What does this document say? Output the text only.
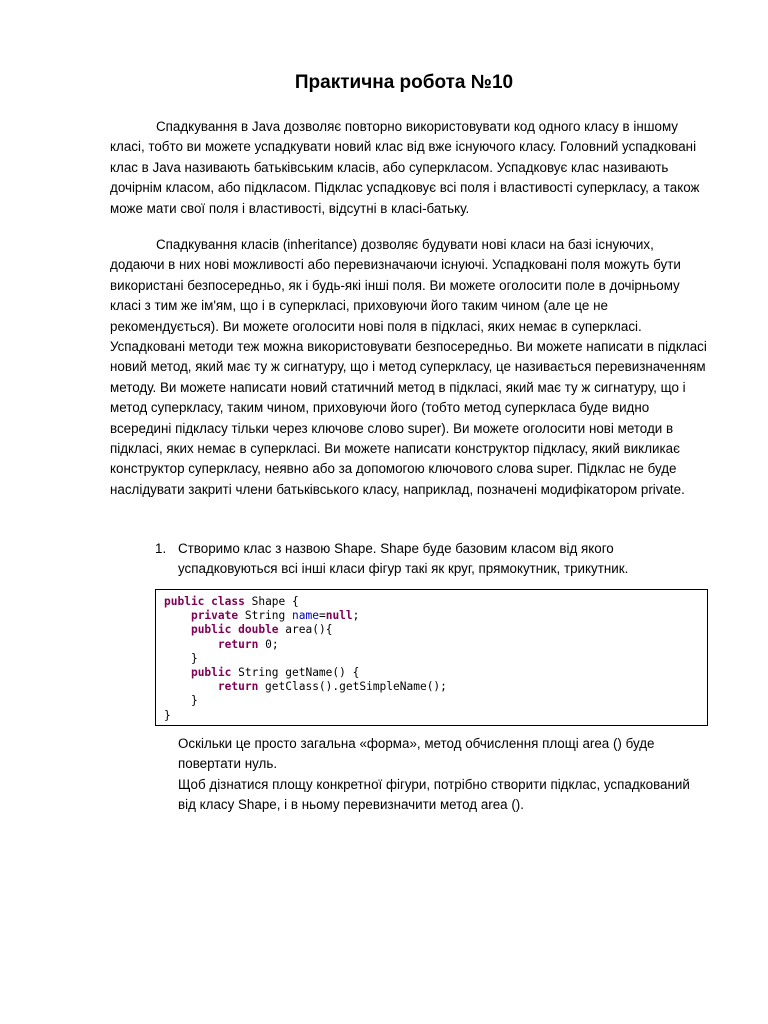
Практична робота №10

Спадкування в Java дозволяє повторно використовувати код одного класу в іншому класі, тобто ви можете успадкувати новий клас від вже існуючого класу. Головний успадковані клас в Java називають батьківським класів, або суперкласом. Успадковує клас називають дочірнім класом, або підкласом. Підклас успадковує всі поля і властивості суперкласу, а також може мати свої поля і властивості, відсутні в класі-батьку.

Спадкування класів (inheritance) дозволяє будувати нові класи на базі існуючих, додаючи в них нові можливості або перевизначаючи існуючі. Успадковані поля можуть бути використані безпосередньо, як і будь-які інші поля. Ви можете оголосити поле в дочірньому класі з тим же ім'ям, що і в суперкласі, приховуючи його таким чином (але це не рекомендується). Ви можете оголосити нові поля в підкласі, яких немає в суперкласі. Успадковані методи теж можна використовувати безпосередньо. Ви можете написати в підкласі новий метод, який має ту ж сигнатуру, що і метод суперкласу, це називається перевизначенням методу. Ви можете написати новий статичний метод в підкласі, який має ту ж сигнатуру, що і метод суперкласу, таким чином, приховуючи його (тобто метод суперкласа буде видно всередині підкласу тільки через ключове слово super). Ви можете оголосити нові методи в підкласі, яких немає в суперкласі. Ви можете написати конструктор підкласу, який викликає конструктор суперкласу, неявно або за допомогою ключового слова super. Підклас не буде наслідувати закриті члени батьківського класу, наприклад, позначені модифікатором private.

1. Створимо клас з назвою Shape. Shape буде базовим класом від якого успадковуються всі інші класи фігур такі як круг, прямокутник, трикутник.
public class Shape {
private String name=null;
public double area(){
return 0;
}
public String getName() {
return getClass().getSimpleName();
}
}

Оскільки це просто загальна «форма», метод обчислення площі area () буде повертати нуль.

Щоб дізнатися площу конкретної фігури, потрібно створити підклас, успадкований від класу Shape, і в ньому перевизначити метод area ().
